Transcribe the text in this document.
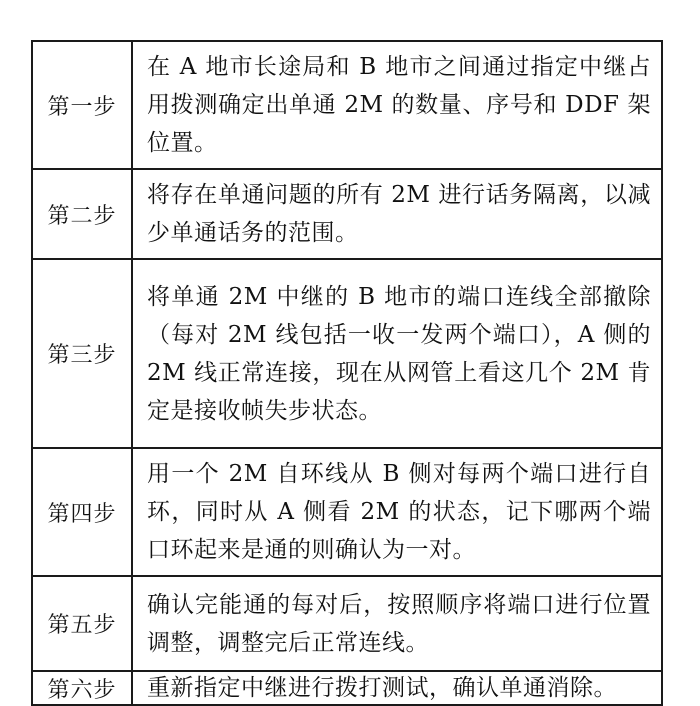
第一步	在 A 地市长途局和 B 地市之间通过指定中继占用拨测确定出单通 2M 的数量、序号和 DDF 架位置。
第二步	将存在单通问题的所有 2M 进行话务隔离，以减少单通话务的范围。
第三步	将单通 2M 中继的 B 地市的端口连线全部撤除（每对 2M 线包括一收一发两个端口），A 侧的 2M 线正常连接，现在从网管上看这几个 2M 肯定是接收帧失步状态。
第四步	用一个 2M 自环线从 B 侧对每两个端口进行自环，同时从 A 侧看 2M 的状态，记下哪两个端口环起来是通的则确认为一对。
第五步	确认完能通的每对后，按照顺序将端口进行位置调整，调整完后正常连线。
第六步	重新指定中继进行拨打测试，确认单通消除。
